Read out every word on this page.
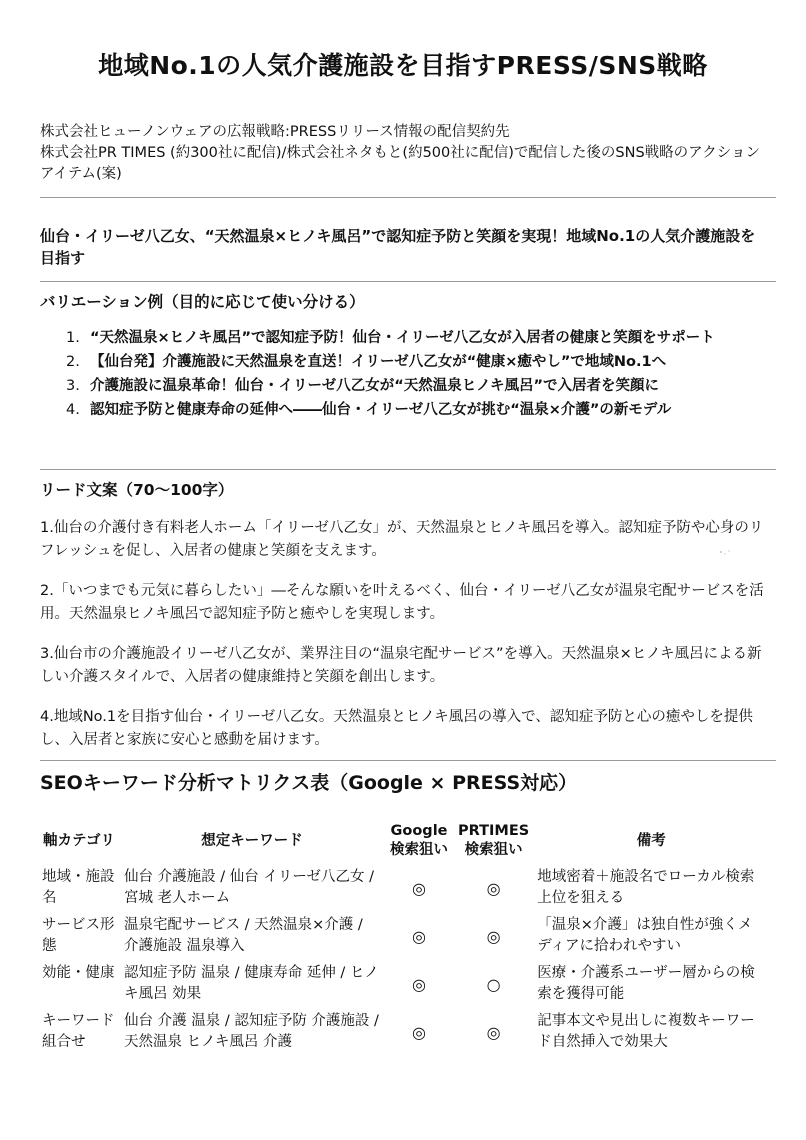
地域No.1の人気介護施設を目指すPRESS/SNS戦略
株式会社ヒューノンウェアの広報戦略:PRESSリリース情報の配信契約先
株式会社PR TIMES (約300社に配信)/株式会社ネタもと(約500社に配信)で配信した後のSNS戦略のアクションアイテム(案)
仙台・イリーゼ八乙女、“天然温泉×ヒノキ風呂”で認知症予防と笑顔を実現！地域No.1の人気介護施設を目指す
バリエーション例（目的に応じて使い分ける）
1. “天然温泉×ヒノキ風呂”で認知症予防！仙台・イリーゼ八乙女が入居者の健康と笑顔をサポート
2. 【仙台発】介護施設に天然温泉を直送！イリーゼ八乙女が“健康×癒やし”で地域No.1へ
3. 介護施設に温泉革命！仙台・イリーゼ八乙女が“天然温泉ヒノキ風呂”で入居者を笑顔に
4. 認知症予防と健康寿命の延伸へ――仙台・イリーゼ八乙女が挑む“温泉×介護”の新モデル
リード文案（70〜100字）
1.仙台の介護付き有料老人ホーム「イリーゼ八乙女」が、天然温泉とヒノキ風呂を導入。認知症予防や心身のリフレッシュを促し、入居者の健康と笑顔を支えます。
2.「いつまでも元気に暮らしたい」―そんな願いを叶えるべく、仙台・イリーゼ八乙女が温泉宅配サービスを活用。天然温泉ヒノキ風呂で認知症予防と癒やしを実現します。
3.仙台市の介護施設イリーゼ八乙女が、業界注目の“温泉宅配サービス”を導入。天然温泉×ヒノキ風呂による新しい介護スタイルで、入居者の健康維持と笑顔を創出します。
4.地域No.1を目指す仙台・イリーゼ八乙女。天然温泉とヒノキ風呂の導入で、認知症予防と心の癒やしを提供し、入居者と家族に安心と感動を届けます。
SEOキーワード分析マトリクス表（Google × PRESS対応）
軸カテゴリ	想定キーワード	Google検索狙い	PRTIMES検索狙い	備考
地域・施設名	仙台 介護施設 / 仙台 イリーゼ八乙女 / 宮城 老人ホーム	◎	◎	地域密着＋施設名でローカル検索上位を狙える
サービス形態	温泉宅配サービス / 天然温泉×介護 / 介護施設 温泉導入	◎	◎	「温泉×介護」は独自性が強くメディアに拾われやすい
効能・健康	認知症予防 温泉 / 健康寿命 延伸 / ヒノキ風呂 効果	◎	○	医療・介護系ユーザー層からの検索を獲得可能
キーワード組合せ	仙台 介護 温泉 / 認知症予防 介護施設 / 天然温泉 ヒノキ風呂 介護	◎	◎	記事本文や見出しに複数キーワード自然挿入で効果大
